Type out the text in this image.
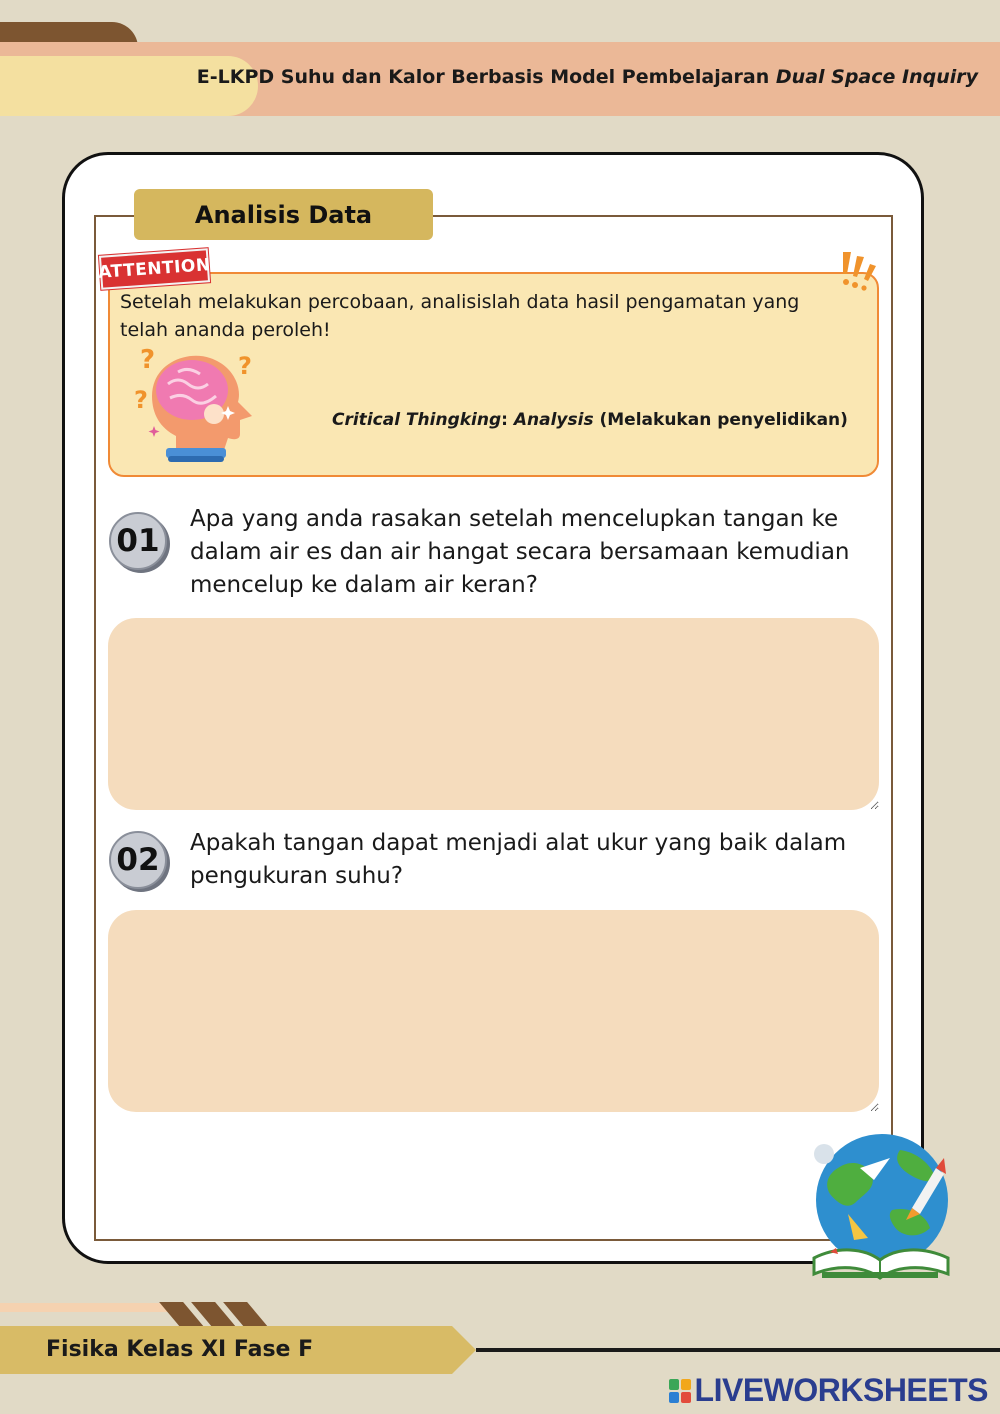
E-LKPD Suhu dan Kalor Berbasis Model Pembelajaran Dual Space Inquiry
Analisis Data
ATTENTION
Setelah melakukan percobaan, analisislah data hasil pengamatan yang telah ananda peroleh!
?
?
?
Critical Thingking: Analysis (Melakukan penyelidikan)
01
Apa yang anda rasakan setelah mencelupkan tangan ke dalam air es dan air hangat secara bersamaan kemudian mencelup ke dalam air keran?
02	Apakah tangan dapat menjadi alat ukur yang baik dalam pengukuran suhu?
Fisika Kelas XI Fase F
LIVEWORKSHEETS
